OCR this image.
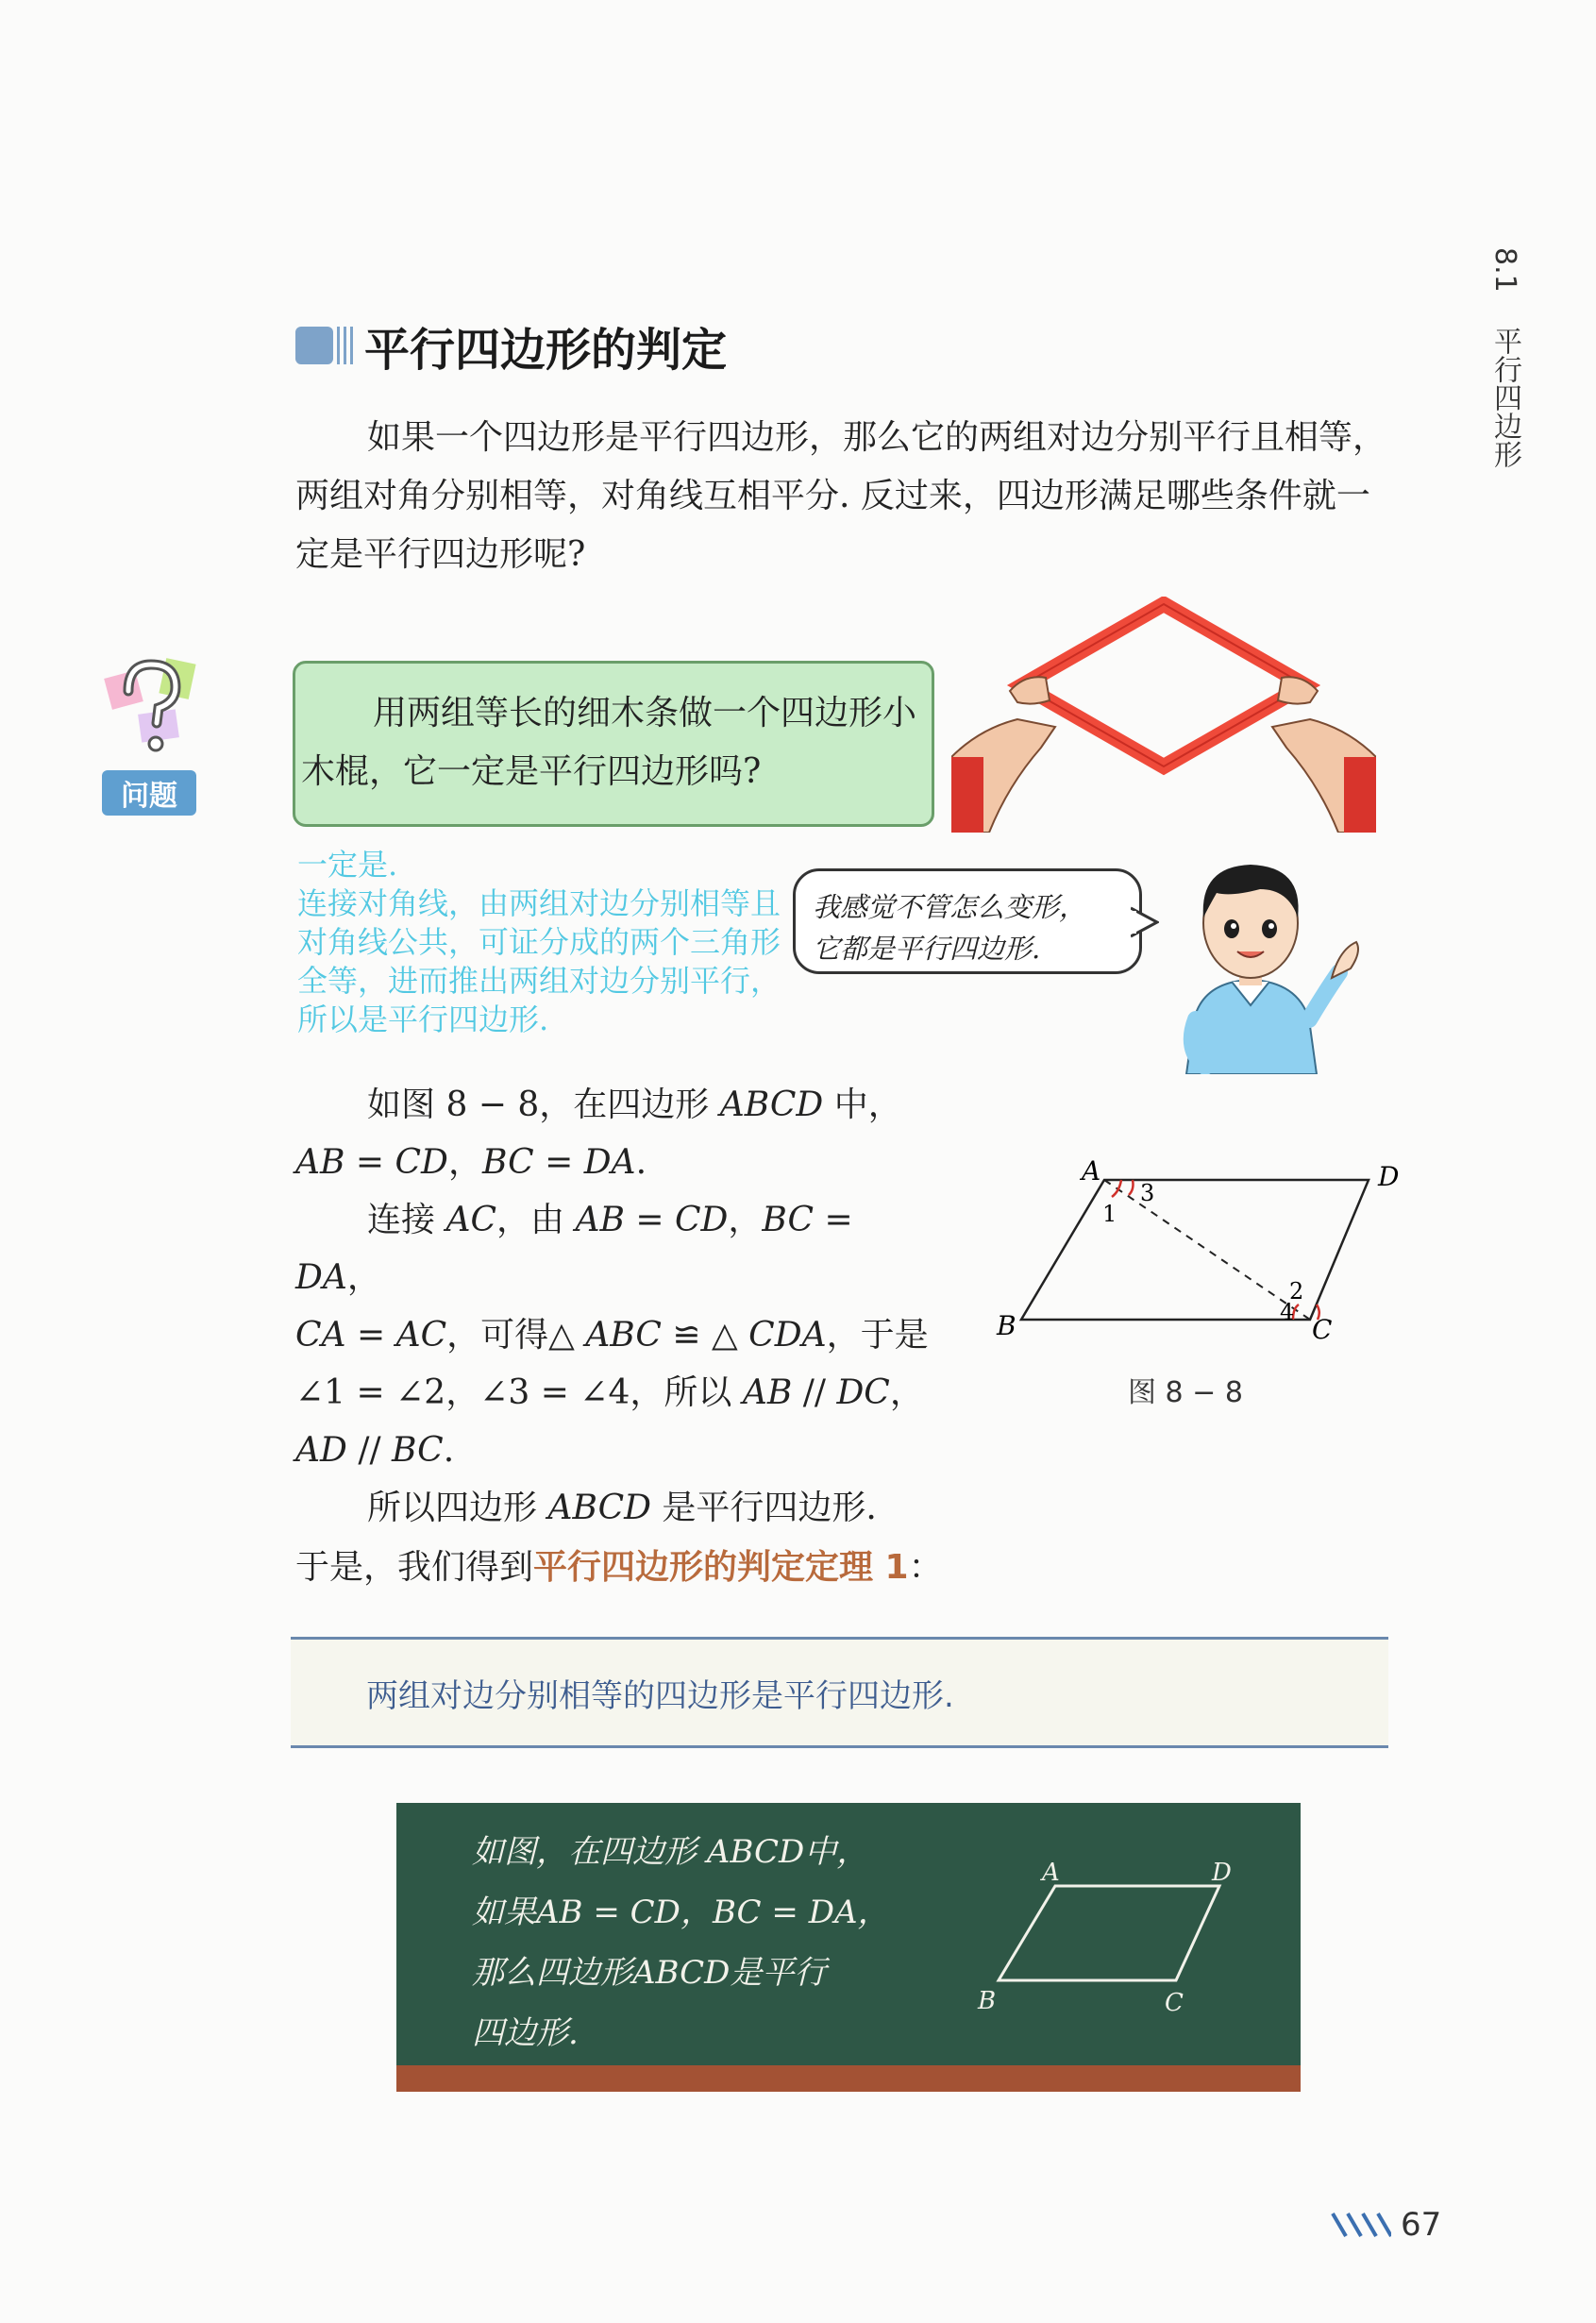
8.1
平行四边形
平行四边形的判定

如果一个四边形是平行四边形，那么它的两组对边分别平行且相等，两组对角分别相等，对角线互相平分. 反过来，四边形满足哪些条件就一定是平行四边形呢?

问题

用两组等长的细木条做一个四边形小木棍，它一定是平行四边形吗?

一定是.

连接对角线，由两组对边分别相等且对角线公共，可证分成的两个三角形全等，进而推出两组对边分别平行，所以是平行四边形.

我感觉不管怎么变形，

它都是平行四边形.

如图 8 − 8，在四边形 ABCD 中，

AB = CD，BC = DA.

连接 AC，由 AB = CD，BC = DA，

CA = AC，可得△ ABC ≌ △ CDA，于是

∠1 = ∠2，∠3 = ∠4，所以 AB // DC，

AD // BC.

所以四边形 ABCD 是平行四边形.

A	D
B	C
1
3
2
4
图 8 − 8
于是，我们得到平行四边形的判定定理 1：
两组对边分别相等的四边形是平行四边形.

如图，在四边形 ABCD中，

如果AB = CD，BC = DA，

那么四边形ABCD是平行

四边形.

A	D
B	C
67
